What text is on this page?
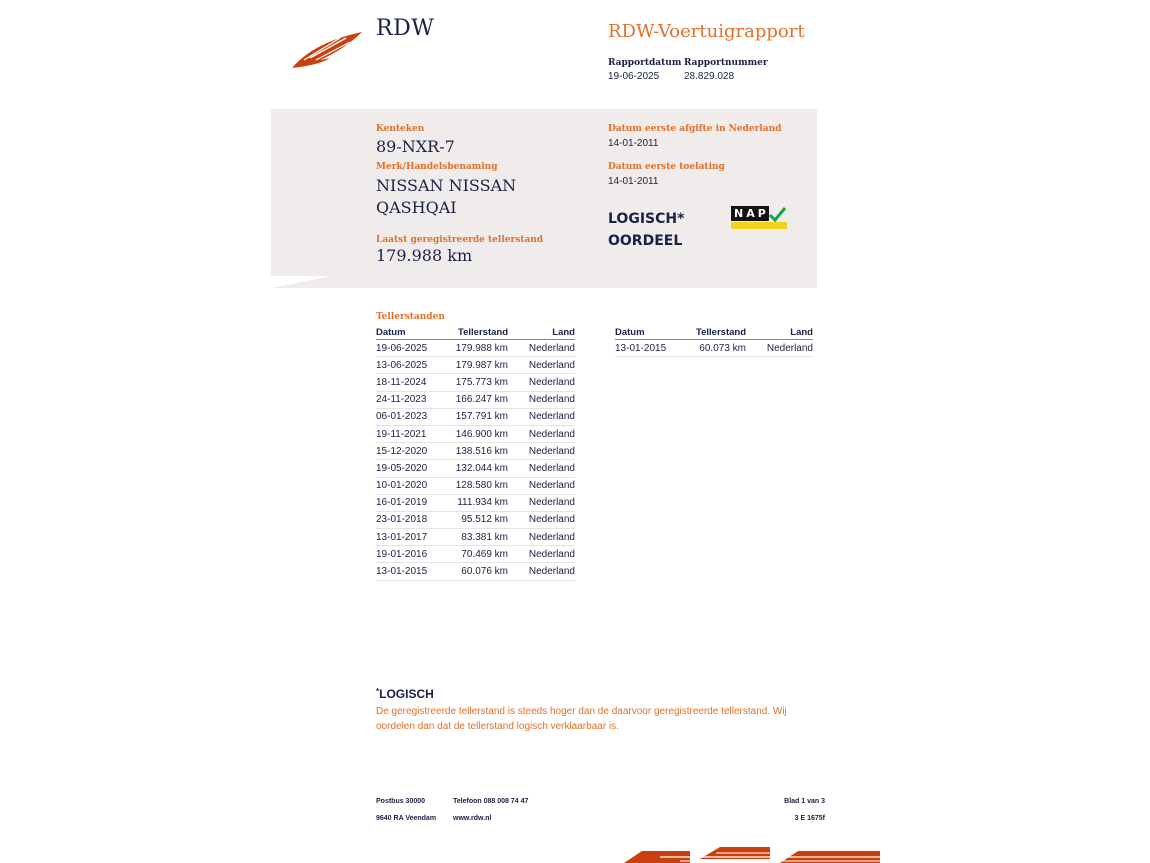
RDW	RDW-Voertuigrapport
Rapportdatum
19-06-2025
Rapportnummer
28.829.028
Kenteken
89-NXR-7
Merk/Handelsbenaming
NISSAN NISSAN
QASHQAI
Laatst geregistreerde tellerstand
179.988 km
Datum eerste afgifte in Nederland
14-01-2011
Datum eerste toelating
14-01-2011
LOGISCH*
OORDEEL
NAP
Tellerstanden
Datum	Tellerstand	Land
19-06-2025	179.988 km	Nederland
13-06-2025	179.987 km	Nederland
18-11-2024	175.773 km	Nederland
24-11-2023	166.247 km	Nederland
06-01-2023	157.791 km	Nederland
19-11-2021	146.900 km	Nederland
15-12-2020	138.516 km	Nederland
19-05-2020	132.044 km	Nederland
10-01-2020	128.580 km	Nederland
16-01-2019	111.934 km	Nederland
23-01-2018	95.512 km	Nederland
13-01-2017	83.381 km	Nederland
19-01-2016	70.469 km	Nederland
13-01-2015	60.076 km	Nederland
Datum	Tellerstand	Land
13-01-2015	60.073 km	Nederland
*LOGISCH
De geregistreerde tellerstand is steeds hoger dan de daarvoor geregistreerde tellerstand. Wij oordelen dan dat de tellerstand logisch verklaarbaar is.
Postbus 30000
9640 RA Veendam
Telefoon 088 008 74 47
www.rdw.nl
Blad 1 van 3
3 E 1675f
